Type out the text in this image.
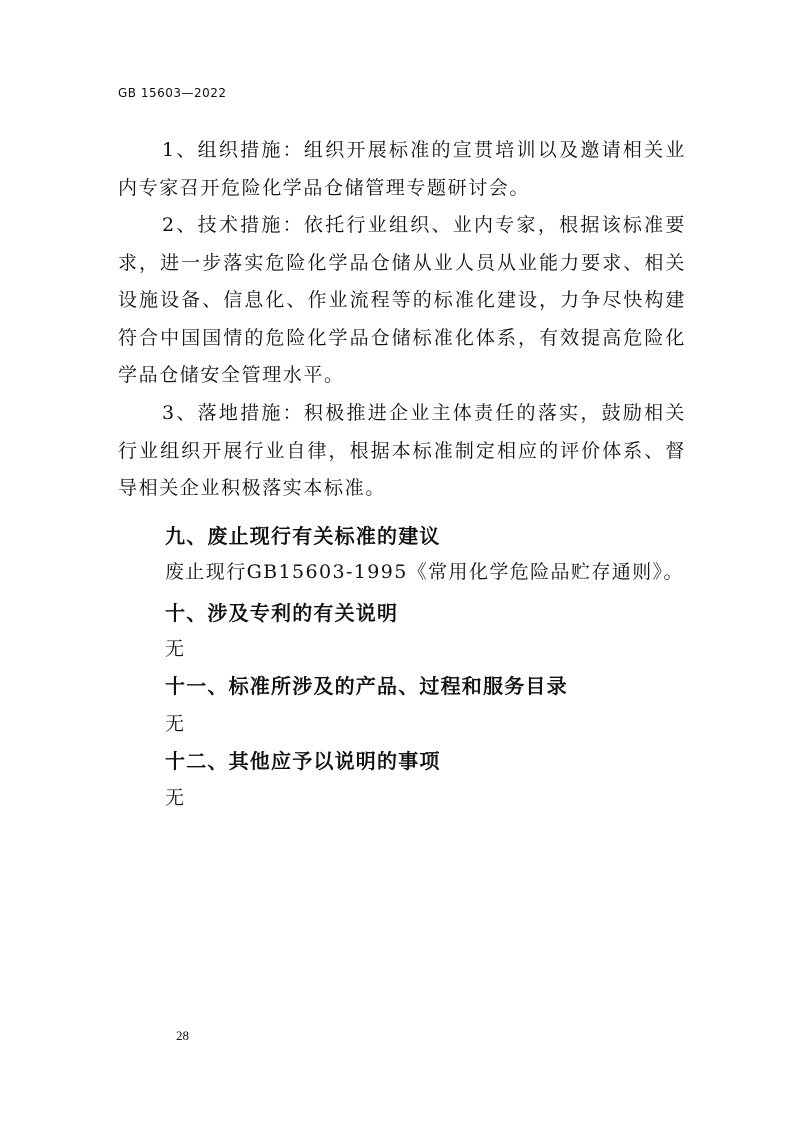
GB 15603—2022

1、组织措施：组织开展标准的宣贯培训以及邀请相关业内专家召开危险化学品仓储管理专题研讨会。

2、技术措施：依托行业组织、业内专家，根据该标准要求，进一步落实危险化学品仓储从业人员从业能力要求、相关设施设备、信息化、作业流程等的标准化建设，力争尽快构建符合中国国情的危险化学品仓储标准化体系，有效提高危险化学品仓储安全管理水平。

3、落地措施：积极推进企业主体责任的落实，鼓励相关行业组织开展行业自律，根据本标准制定相应的评价体系、督导相关企业积极落实本标准。

九、废止现行有关标准的建议
废止现行GB15603-1995《常用化学危险品贮存通则》。
十、涉及专利的有关说明
无
十一、标准所涉及的产品、过程和服务目录
无
十二、其他应予以说明的事项
无
28
